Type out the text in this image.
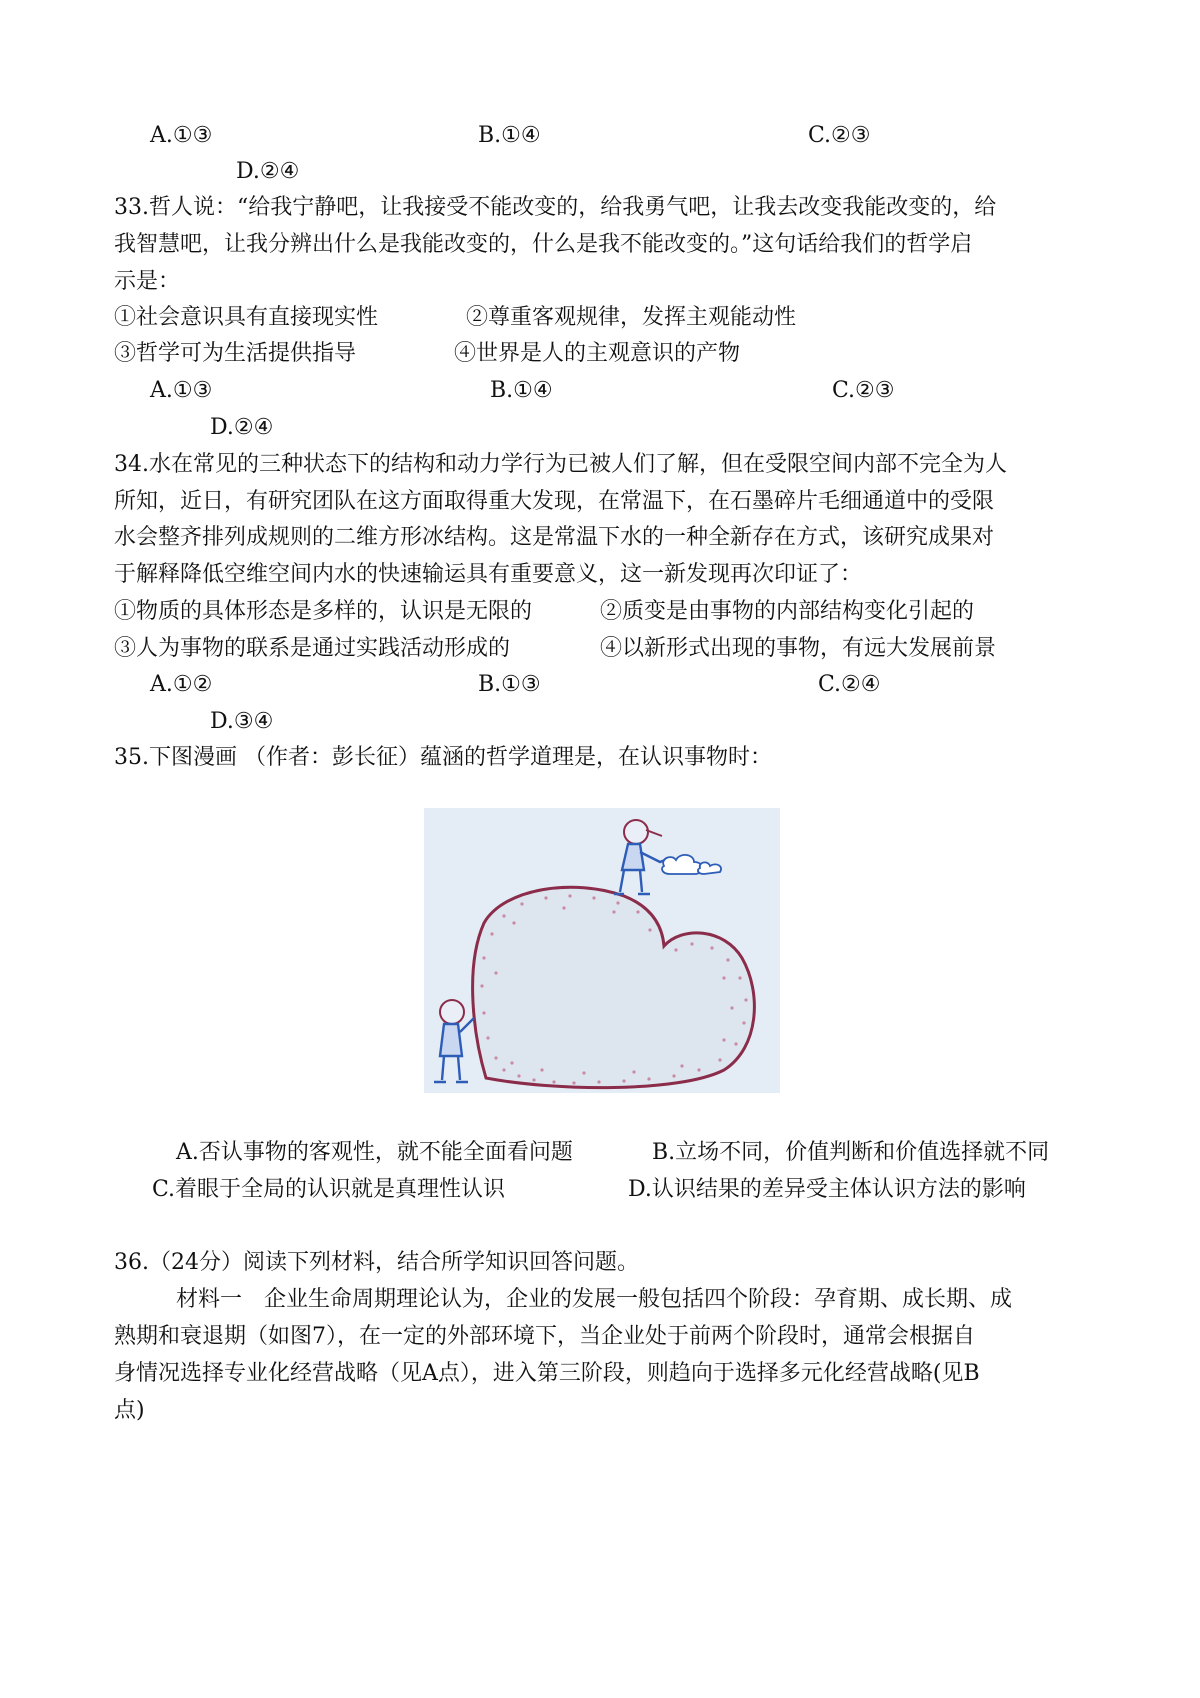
A.①③	B.①④	C.②③
D.②④
33.哲人说：“给我宁静吧，让我接受不能改变的，给我勇气吧，让我去改变我能改变的，给
我智慧吧，让我分辨出什么是我能改变的，什么是我不能改变的。”这句话给我们的哲学启
示是：
①社会意识具有直接现实性	②尊重客观规律，发挥主观能动性
③哲学可为生活提供指导	④世界是人的主观意识的产物
A.①③	B.①④	C.②③
D.②④
34.水在常见的三种状态下的结构和动力学行为已被人们了解，但在受限空间内部不完全为人
所知，近日，有研究团队在这方面取得重大发现，在常温下，在石墨碎片毛细通道中的受限
水会整齐排列成规则的二维方形冰结构。这是常温下水的一种全新存在方式，该研究成果对
于解释降低空维空间内水的快速输运具有重要意义，这一新发现再次印证了：
①物质的具体形态是多样的，认识是无限的	②质变是由事物的内部结构变化引起的
③人为事物的联系是通过实践活动形成的	④以新形式出现的事物，有远大发展前景
A.①②	B.①③	C.②④
D.③④
35.下图漫画 （作者：彭长征）蕴涵的哲学道理是，在认识事物时：
A.否认事物的客观性，就不能全面看问题	B.立场不同，价值判断和价值选择就不同
C.着眼于全局的认识就是真理性认识	D.认识结果的差异受主体认识方法的影响
36.（24分）阅读下列材料，结合所学知识回答问题。
材料一　企业生命周期理论认为，企业的发展一般包括四个阶段：孕育期、成长期、成
熟期和衰退期（如图7），在一定的外部环境下，当企业处于前两个阶段时，通常会根据自
身情况选择专业化经营战略（见A点），进入第三阶段，则趋向于选择多元化经营战略(见B
点)
